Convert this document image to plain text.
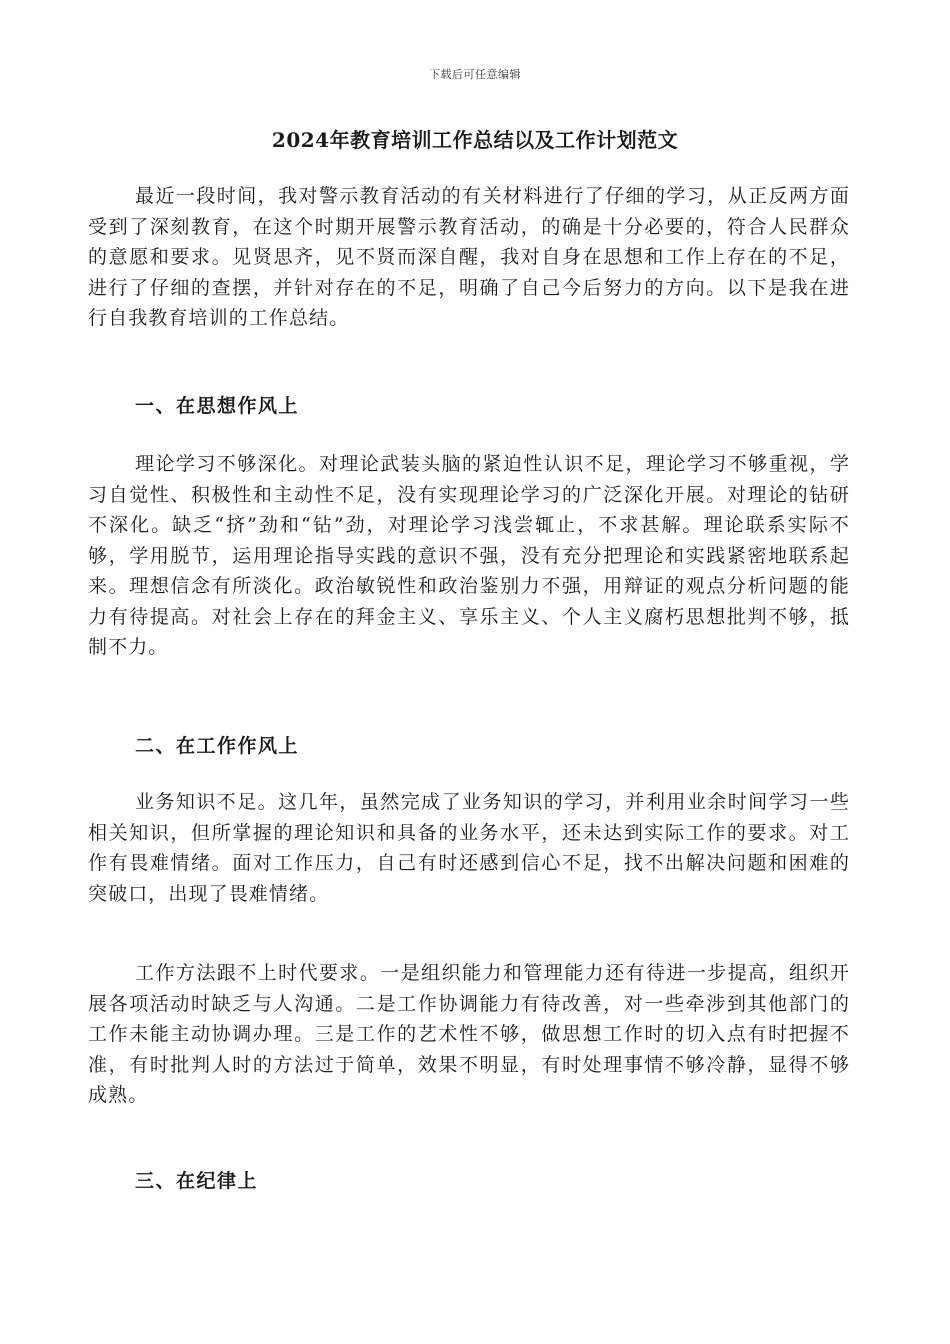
下载后可任意编辑
2024年教育培训工作总结以及工作计划范文

最近一段时间，我对警示教育活动的有关材料进行了仔细的学习，从正反两方面受到了深刻教育，在这个时期开展警示教育活动，的确是十分必要的，符合人民群众的意愿和要求。见贤思齐，见不贤而深自醒，我对自身在思想和工作上存在的不足，进行了仔细的查摆，并针对存在的不足，明确了自己今后努力的方向。以下是我在进行自我教育培训的工作总结。

一、在思想作风上

理论学习不够深化。对理论武装头脑的紧迫性认识不足，理论学习不够重视，学习自觉性、积极性和主动性不足，没有实现理论学习的广泛深化开展。对理论的钻研不深化。缺乏“挤”劲和“钻”劲，对理论学习浅尝辄止，不求甚解。理论联系实际不够，学用脱节，运用理论指导实践的意识不强，没有充分把理论和实践紧密地联系起来。理想信念有所淡化。政治敏锐性和政治鉴别力不强，用辩证的观点分析问题的能力有待提高。对社会上存在的拜金主义、享乐主义、个人主义腐朽思想批判不够，抵制不力。

二、在工作作风上

业务知识不足。这几年，虽然完成了业务知识的学习，并利用业余时间学习一些相关知识，但所掌握的理论知识和具备的业务水平，还未达到实际工作的要求。对工作有畏难情绪。面对工作压力，自己有时还感到信心不足，找不出解决问题和困难的突破口，出现了畏难情绪。

工作方法跟不上时代要求。一是组织能力和管理能力还有待进一步提高，组织开展各项活动时缺乏与人沟通。二是工作协调能力有待改善，对一些牵涉到其他部门的工作未能主动协调办理。三是工作的艺术性不够，做思想工作时的切入点有时把握不准，有时批判人时的方法过于简单，效果不明显，有时处理事情不够冷静，显得不够成熟。

三、在纪律上
